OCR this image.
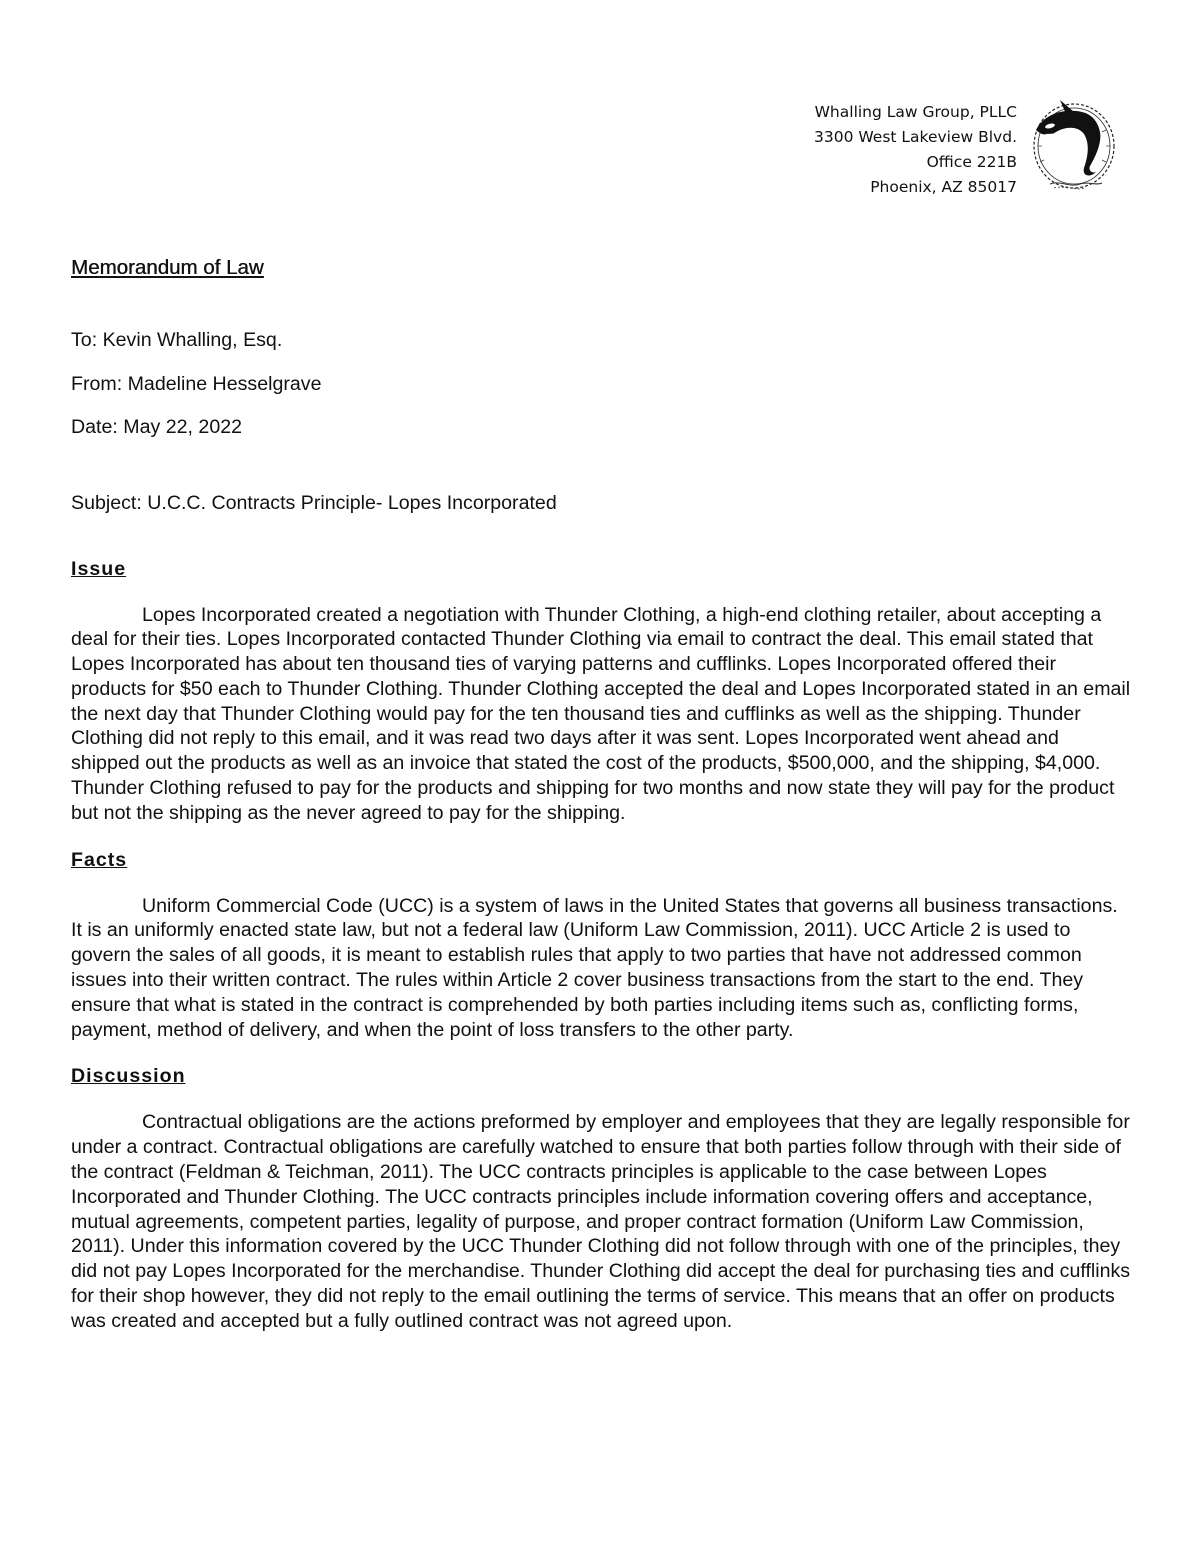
Whalling Law Group, PLLC
3300 West Lakeview Blvd.
Office 221B
Phoenix, AZ 85017
Memorandum of Law
To: Kevin Whalling, Esq.
From: Madeline Hesselgrave
Date: May 22, 2022
Subject: U.C.C. Contracts Principle- Lopes Incorporated
Issue

Lopes Incorporated created a negotiation with Thunder Clothing, a high-end clothing retailer, about accepting a deal for their ties. Lopes Incorporated contacted Thunder Clothing via email to contract the deal. This email stated that Lopes Incorporated has about ten thousand ties of varying patterns and cufflinks. Lopes Incorporated offered their products for $50 each to Thunder Clothing. Thunder Clothing accepted the deal and Lopes Incorporated stated in an email the next day that Thunder Clothing would pay for the ten thousand ties and cufflinks as well as the shipping. Thunder Clothing did not reply to this email, and it was read two days after it was sent. Lopes Incorporated went ahead and shipped out the products as well as an invoice that stated the cost of the products, $500,000, and the shipping, $4,000. Thunder Clothing refused to pay for the products and shipping for two months and now state they will pay for the product but not the shipping as the never agreed to pay for the shipping.

Facts

Uniform Commercial Code (UCC) is a system of laws in the United States that governs all business transactions. It is an uniformly enacted state law, but not a federal law (Uniform Law Commission, 2011). UCC Article 2 is used to govern the sales of all goods, it is meant to establish rules that apply to two parties that have not addressed common issues into their written contract. The rules within Article 2 cover business transactions from the start to the end. They ensure that what is stated in the contract is comprehended by both parties including items such as, conflicting forms, payment, method of delivery, and when the point of loss transfers to the other party.

Discussion

Contractual obligations are the actions preformed by employer and employees that they are legally responsible for under a contract. Contractual obligations are carefully watched to ensure that both parties follow through with their side of the contract (Feldman & Teichman, 2011). The UCC contracts principles is applicable to the case between Lopes Incorporated and Thunder Clothing. The UCC contracts principles include information covering offers and acceptance, mutual agreements, competent parties, legality of purpose, and proper contract formation (Uniform Law Commission, 2011). Under this information covered by the UCC Thunder Clothing did not follow through with one of the principles, they did not pay Lopes Incorporated for the merchandise. Thunder Clothing did accept the deal for purchasing ties and cufflinks for their shop however, they did not reply to the email outlining the terms of service. This means that an offer on products was created and accepted but a fully outlined contract was not agreed upon.
